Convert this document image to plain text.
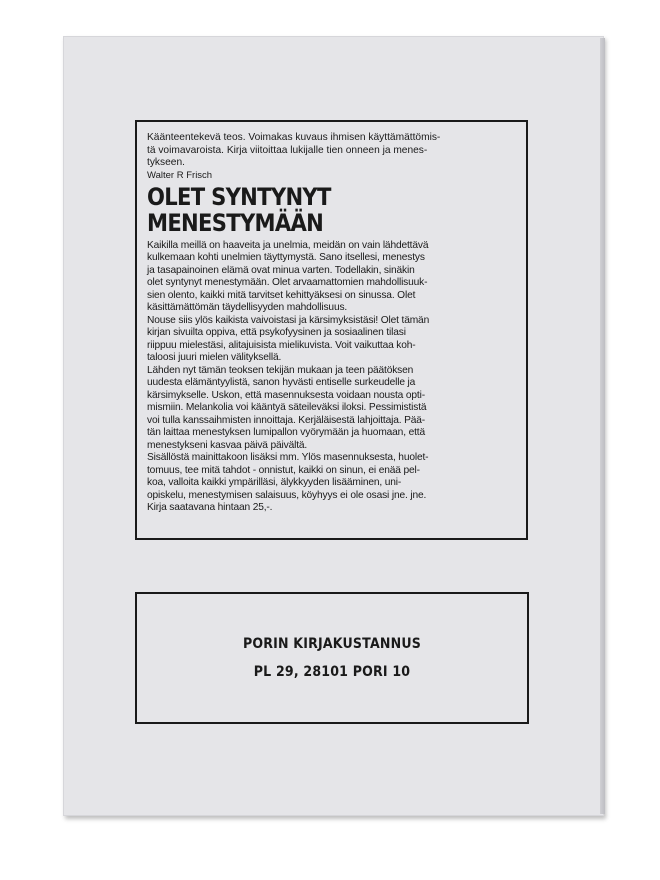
Käänteentekevä teos. Voimakas kuvaus ihmisen käyttämättömis-
tä voimavaroista. Kirja viitoittaa lukijalle tien onneen ja menes-
tykseen.

Walter R Frisch

OLET SYNTYNYT
MENESTYMÄÄN

Kaikilla meillä on haaveita ja unelmia, meidän on vain lähdettävä
kulkemaan kohti unelmien täyttymystä. Sano itsellesi, menestys
ja tasapainoinen elämä ovat minua varten. Todellakin, sinäkin
olet syntynyt menestymään. Olet arvaamattomien mahdollisuuk-
sien olento, kaikki mitä tarvitset kehittyäksesi on sinussa. Olet
käsittämättömän täydellisyyden mahdollisuus.
Nouse siis ylös kaikista vaivoistasi ja kärsimyksistäsi! Olet tämän
kirjan sivuilta oppiva, että psykofyysinen ja sosiaalinen tilasi
riippuu mielestäsi, alitajuisista mielikuvista. Voit vaikuttaa koh-
taloosi juuri mielen välityksellä.
Lähden nyt tämän teoksen tekijän mukaan ja teen päätöksen
uudesta elämäntyylistä, sanon hyvästi entiselle surkeudelle ja
kärsimykselle. Uskon, että masennuksesta voidaan nousta opti-
mismiin. Melankolia voi kääntyä säteileväksi iloksi. Pessimististä
voi tulla kanssaihmisten innoittaja. Kerjäläisestä lahjoittaja. Pää-
tän laittaa menestyksen lumipallon vyörymään ja huomaan, että
menestykseni kasvaa päivä päivältä.
Sisällöstä mainittakoon lisäksi mm. Ylös masennuksesta, huolet-
tomuus, tee mitä tahdot - onnistut, kaikki on sinun, ei enää pel-
koa, valloita kaikki ympärilläsi, älykkyyden lisääminen, uni-
opiskelu, menestymisen salaisuus, köyhyys ei ole osasi jne. jne.
Kirja saatavana hintaan 25,-.

PORIN KIRJAKUSTANNUS
PL 29, 28101 PORI 10
